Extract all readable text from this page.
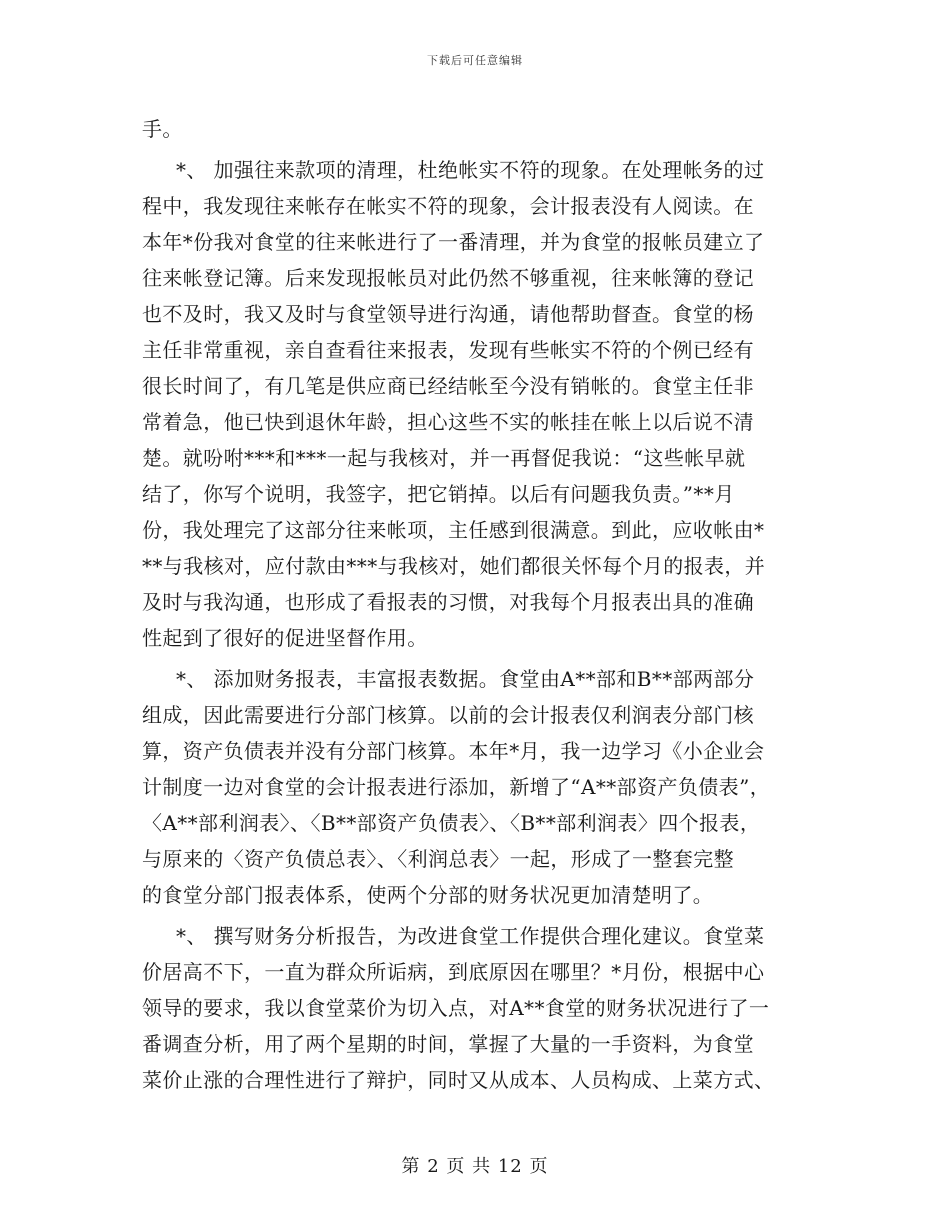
下载后可任意编辑
手。
*、 加强往来款项的清理，杜绝帐实不符的现象。在处理帐务的过
程中，我发现往来帐存在帐实不符的现象，会计报表没有人阅读。在
本年*份我对食堂的往来帐进行了一番清理，并为食堂的报帐员建立了
往来帐登记簿。后来发现报帐员对此仍然不够重视，往来帐簿的登记
也不及时，我又及时与食堂领导进行沟通，请他帮助督查。食堂的杨
主任非常重视，亲自查看往来报表，发现有些帐实不符的个例已经有
很长时间了，有几笔是供应商已经结帐至今没有销帐的。食堂主任非
常着急，他已快到退休年龄，担心这些不实的帐挂在帐上以后说不清
楚。就吩咐***和***一起与我核对，并一再督促我说：“这些帐早就
结了，你写个说明，我签字，把它销掉。以后有问题我负责。”**月
份，我处理完了这部分往来帐项，主任感到很满意。到此，应收帐由*
**与我核对，应付款由***与我核对，她们都很关怀每个月的报表，并
及时与我沟通，也形成了看报表的习惯，对我每个月报表出具的准确
性起到了很好的促进坚督作用。
*、 添加财务报表，丰富报表数据。食堂由A**部和B**部两部分
组成，因此需要进行分部门核算。以前的会计报表仅利润表分部门核
算，资产负债表并没有分部门核算。本年*月，我一边学习《小企业会
计制度一边对食堂的会计报表进行添加，新增了“A**部资产负债表”，
〈A**部利润表〉、〈B**部资产负债表〉、〈B**部利润表〉四个报表，
与原来的〈资产负债总表〉、〈利润总表〉一起，形成了一整套完整
的食堂分部门报表体系，使两个分部的财务状况更加清楚明了。
*、 撰写财务分析报告，为改进食堂工作提供合理化建议。食堂菜
价居高不下，一直为群众所诟病，到底原因在哪里？*月份，根据中心
领导的要求，我以食堂菜价为切入点，对A**食堂的财务状况进行了一
番调查分析，用了两个星期的时间，掌握了大量的一手资料，为食堂
菜价止涨的合理性进行了辩护，同时又从成本、人员构成、上菜方式、
第 2 页 共 12 页
